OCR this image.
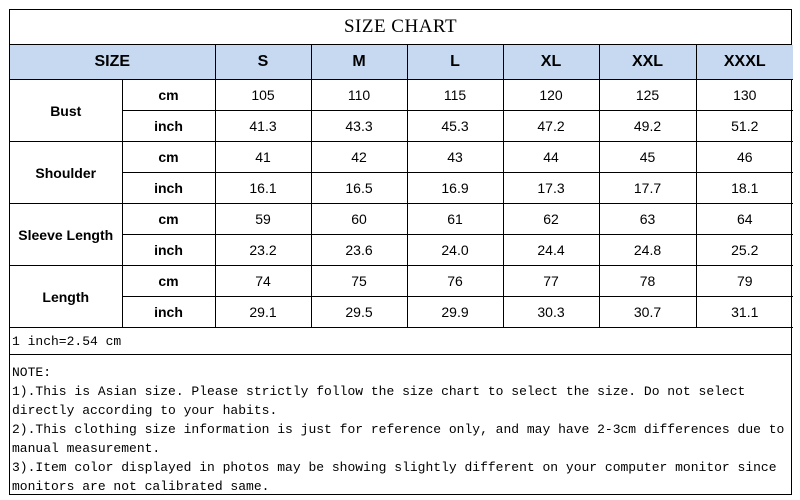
SIZE CHART
SIZE		S	M	L	XL	XXL	XXXL
Bust	cm	105	110	115	120	125	130
	inch	41.3	43.3	45.3	47.2	49.2	51.2
Shoulder	cm	41	42	43	44	45	46
	inch	16.1	16.5	16.9	17.3	17.7	18.1
Sleeve Length	cm	59	60	61	62	63	64
	inch	23.2	23.6	24.0	24.4	24.8	25.2
Length	cm	74	75	76	77	78	79
	inch	29.1	29.5	29.9	30.3	30.7	31.1
1 inch=2.54 cm
NOTE:
1).This is Asian size. Please strictly follow the size chart to select the size. Do not select directly according to your habits.
2).This clothing size information is just for reference only, and may have 2-3cm differences due to manual measurement.
3).Item color displayed in photos may be showing slightly different on your computer monitor since monitors are not calibrated same.
